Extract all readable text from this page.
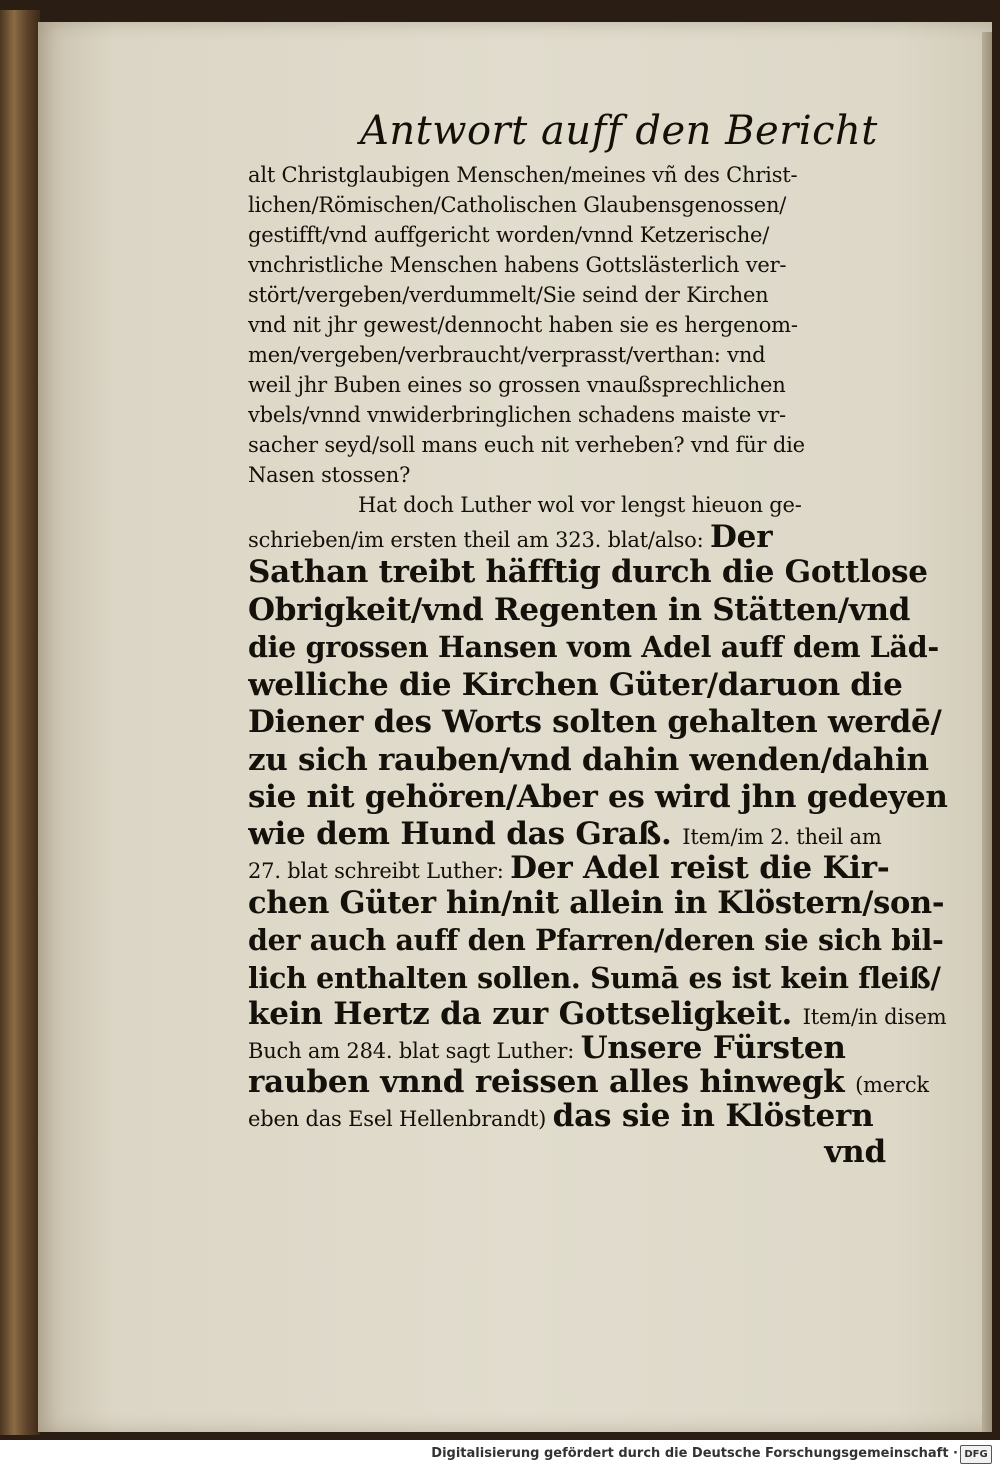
Antwort auff den Bericht
alt Christglaubigen Menschen/meines vñ des Christ-
lichen/Römischen/Catholischen Glaubensgenossen/
gestifft/vnd auffgericht worden/vnnd Ketzerische/
vnchristliche Menschen habens Gottslästerlich ver-
stört/vergeben/verdummelt/Sie seind der Kirchen
vnd nit jhr gewest/dennocht haben sie es hergenom-
men/vergeben/verbraucht/verprasst/verthan: vnd
weil jhr Buben eines so grossen vnaußsprechlichen
vbels/vnnd vnwiderbringlichen schadens maiste vr-
sacher seyd/soll mans euch nit verheben? vnd für die
Nasen stossen?
Hat doch Luther wol vor lengst hieuon ge-
schrieben/im ersten theil am 323. blat/also: Der
Sathan treibt häfftig durch die Gottlose
Obrigkeit/vnd Regenten in Stätten/vnd
die grossen Hansen vom Adel auff dem Läd-
welliche die Kirchen Güter/daruon die
Diener des Worts solten gehalten werdē/
zu sich rauben/vnd dahin wenden/dahin
sie nit gehören/Aber es wird jhn gedeyen
wie dem Hund das Graß. Item/im 2. theil am
27. blat schreibt Luther: Der Adel reist die Kir-
chen Güter hin/nit allein in Klöstern/son-
der auch auff den Pfarren/deren sie sich bil-
lich enthalten sollen. Sumā es ist kein fleiß/
kein Hertz da zur Gottseligkeit. Item/in disem
Buch am 284. blat sagt Luther: Unsere Fürsten
rauben vnnd reissen alles hinwegk (merck
eben das Esel Hellenbrandt) das sie in Klöstern
vnd
Digitalisierung gefördert durch die Deutsche Forschungsgemeinschaft · DFG
